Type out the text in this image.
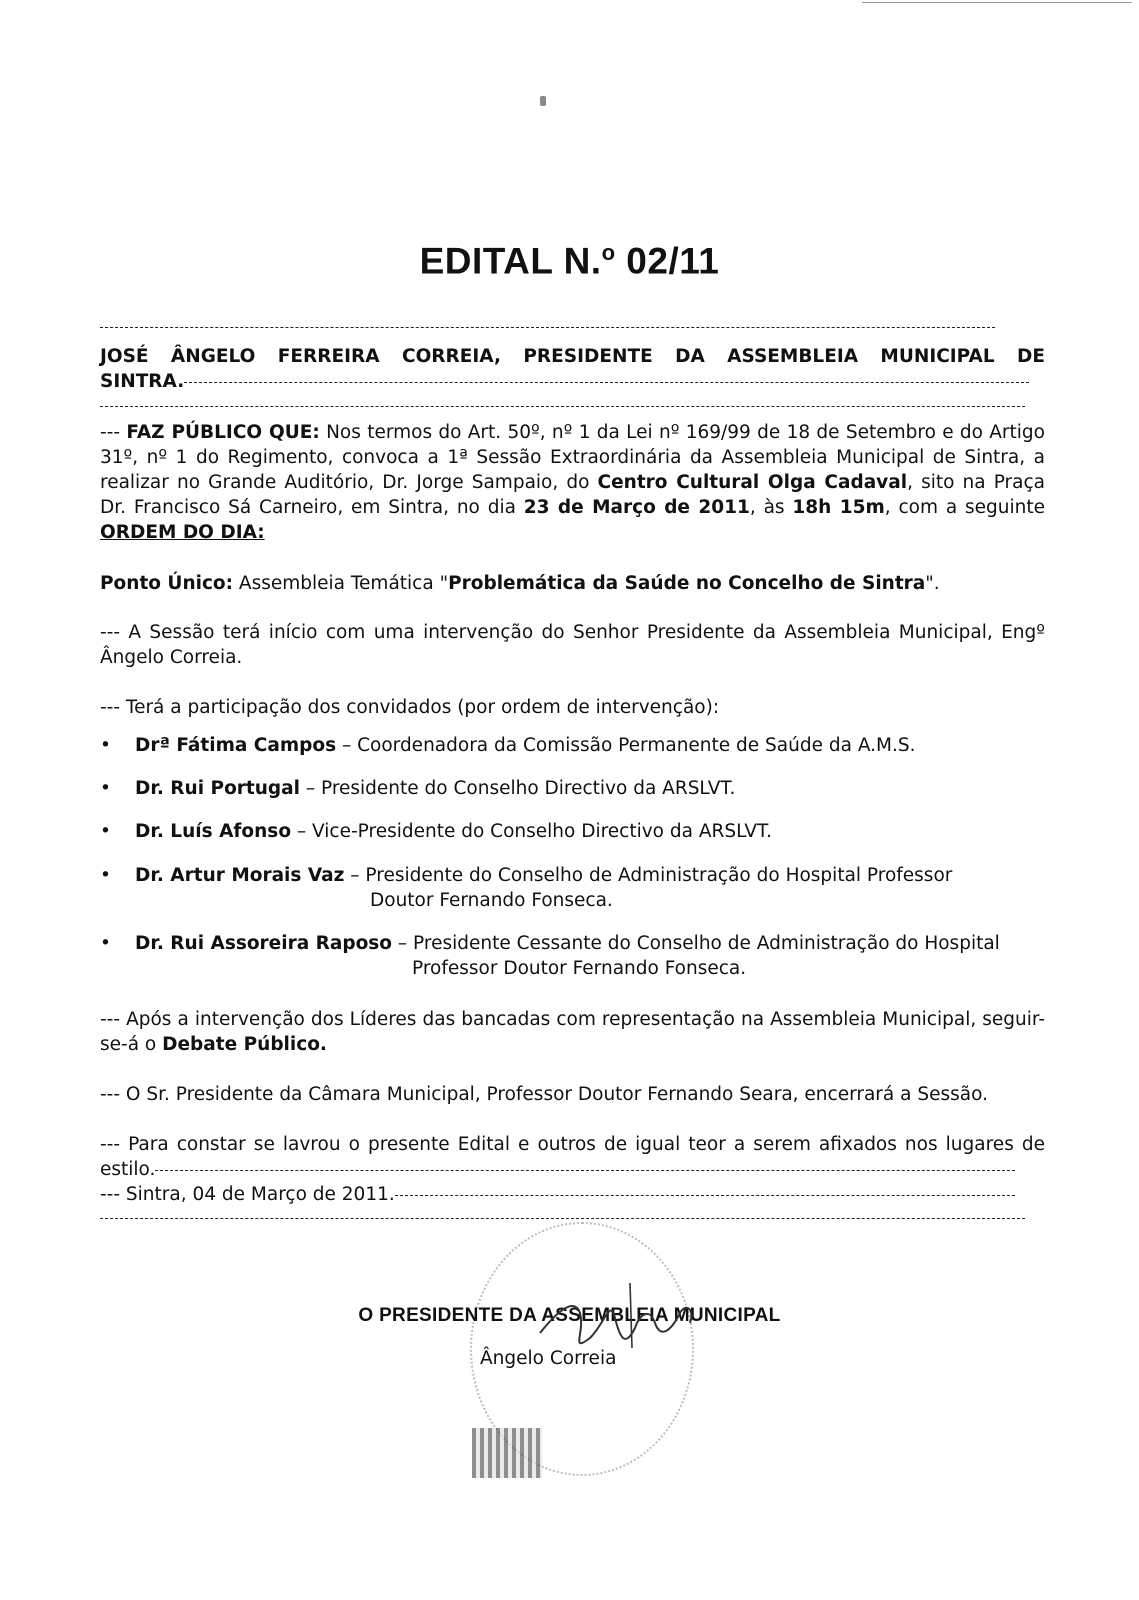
EDITAL N.$^o$ 02/11
JOSÉ ÂNGELO FERREIRA CORREIA, PRESIDENTE DA ASSEMBLEIA MUNICIPAL DE
SINTRA.
--- FAZ PÚBLICO QUE: Nos termos do Art. 50º, nº 1 da Lei nº 169/99 de 18 de Setembro e do Artigo 31º, nº 1 do Regimento, convoca a 1ª Sessão Extraordinária da Assembleia Municipal de Sintra, a realizar no Grande Auditório, Dr. Jorge Sampaio, do Centro Cultural Olga Cadaval, sito na Praça Dr. Francisco Sá Carneiro, em Sintra, no dia 23 de Março de 2011, às 18h 15m, com a seguinte ORDEM DO DIA:
Ponto Único: Assembleia Temática "Problemática da Saúde no Concelho de Sintra".
--- A Sessão terá início com uma intervenção do Senhor Presidente da Assembleia Municipal, Engº Ângelo Correia.
--- Terá a participação dos convidados (por ordem de intervenção):
• Drª Fátima Campos – Coordenadora da Comissão Permanente de Saúde da A.M.S.
• Dr. Rui Portugal – Presidente do Conselho Directivo da ARSLVT.
• Dr. Luís Afonso – Vice-Presidente do Conselho Directivo da ARSLVT.
• Dr. Artur Morais Vaz – Presidente do Conselho de Administração do Hospital Professor
Doutor Fernando Fonseca.
• Dr. Rui Assoreira Raposo – Presidente Cessante do Conselho de Administração do Hospital
Professor Doutor Fernando Fonseca.
--- Após a intervenção dos Líderes das bancadas com representação na Assembleia Municipal, seguir-se-á o Debate Público.
--- O Sr. Presidente da Câmara Municipal, Professor Doutor Fernando Seara, encerrará a Sessão.
--- Para constar se lavrou o presente Edital e outros de igual teor a serem afixados nos lugares de
estilo.
--- Sintra, 04 de Março de 2011.
O PRESIDENTE DA ASSEMBLEIA MUNICIPAL
Ângelo Correia
